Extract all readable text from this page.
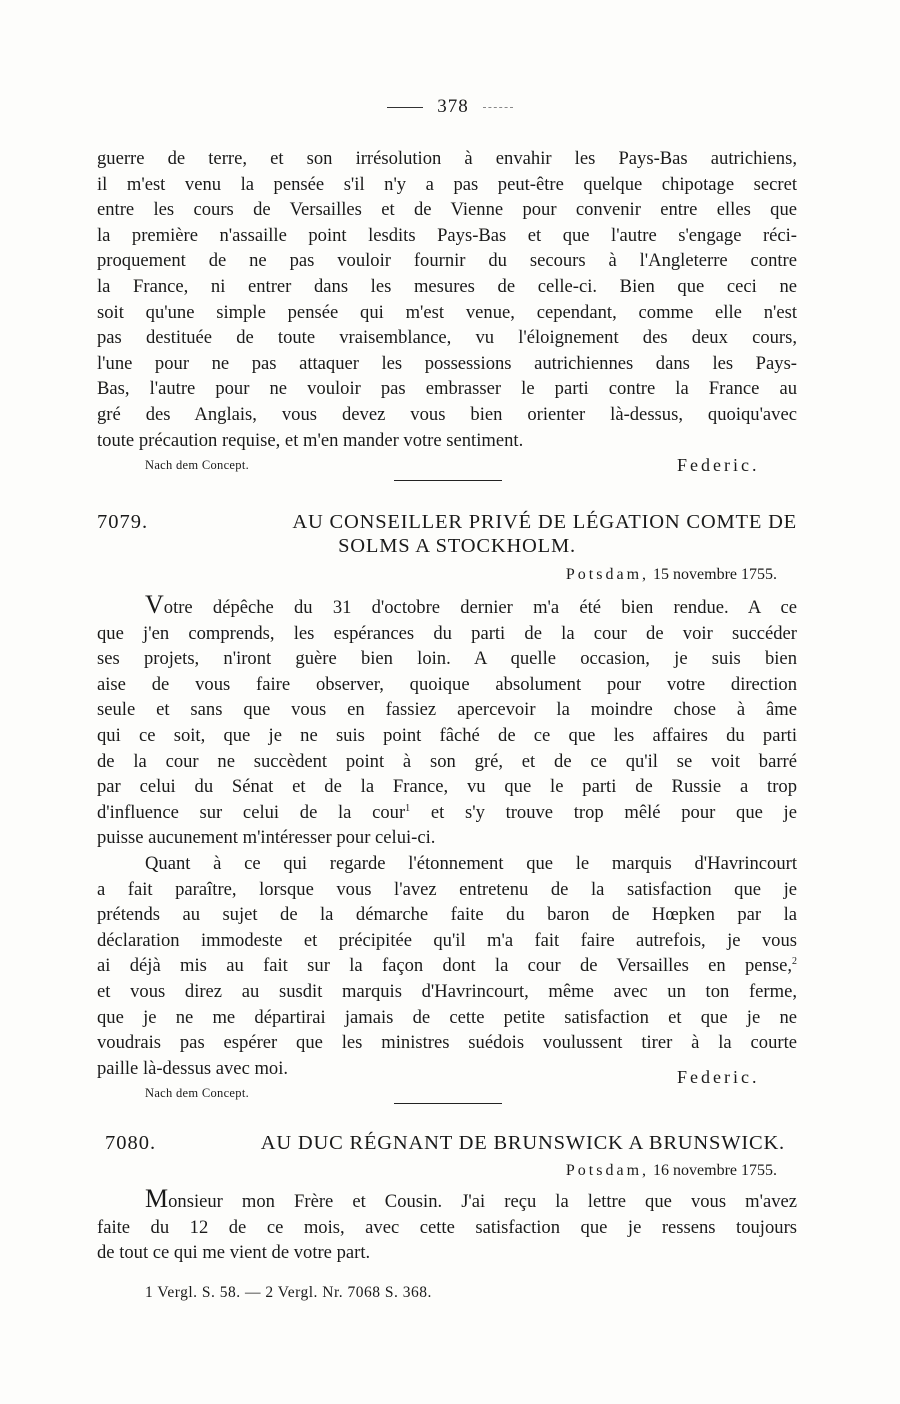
378
guerre de terre, et son irrésolution à envahir les Pays-Bas autrichiens,
il m'est venu la pensée s'il n'y a pas peut-être quelque chipotage secret
entre les cours de Versailles et de Vienne pour convenir entre elles que
la première n'assaille point lesdits Pays-Bas et que l'autre s'engage réci-
proquement de ne pas vouloir fournir du secours à l'Angleterre contre
la France, ni entrer dans les mesures de celle-ci. Bien que ceci ne
soit qu'une simple pensée qui m'est venue, cependant, comme elle n'est
pas destituée de toute vraisemblance, vu l'éloignement des deux cours,
l'une pour ne pas attaquer les possessions autrichiennes dans les Pays-
Bas, l'autre pour ne vouloir pas embrasser le parti contre la France au
gré des Anglais, vous devez vous bien orienter là-dessus, quoiqu'avec
toute précaution requise, et m'en mander votre sentiment.
Nach dem Concept.	Federic.
7079.	AU CONSEILLER PRIVÉ DE LÉGATION COMTE DE
SOLMS A STOCKHOLM.
Potsdam, 15 novembre 1755.
Votre dépêche du 31 d'octobre dernier m'a été bien rendue. A ce
que j'en comprends, les espérances du parti de la cour de voir succéder
ses projets, n'iront guère bien loin. A quelle occasion, je suis bien
aise de vous faire observer, quoique absolument pour votre direction
seule et sans que vous en fassiez apercevoir la moindre chose à âme
qui ce soit, que je ne suis point fâché de ce que les affaires du parti
de la cour ne succèdent point à son gré, et de ce qu'il se voit barré
par celui du Sénat et de la France, vu que le parti de Russie a trop
d'influence sur celui de la cour$^1$ et s'y trouve trop mêlé pour que je
puisse aucunement m'intéresser pour celui-ci.
Quant à ce qui regarde l'étonnement que le marquis d'Havrincourt
a fait paraître, lorsque vous l'avez entretenu de la satisfaction que je
prétends au sujet de la démarche faite du baron de Hœpken par la
déclaration immodeste et précipitée qu'il m'a fait faire autrefois, je vous
ai déjà mis au fait sur la façon dont la cour de Versailles en pense,$^2$
et vous direz au susdit marquis d'Havrincourt, même avec un ton ferme,
que je ne me départirai jamais de cette petite satisfaction et que je ne
voudrais pas espérer que les ministres suédois voulussent tirer à la courte
paille là-dessus avec moi.	Federic.
Nach dem Concept.
7080.	AU DUC RÉGNANT DE BRUNSWICK A BRUNSWICK.
Potsdam, 16 novembre 1755.
Monsieur mon Frère et Cousin. J'ai reçu la lettre que vous m'avez
faite du 12 de ce mois, avec cette satisfaction que je ressens toujours
de tout ce qui me vient de votre part.
1 Vergl. S. 58. — 2 Vergl. Nr. 7068 S. 368.
